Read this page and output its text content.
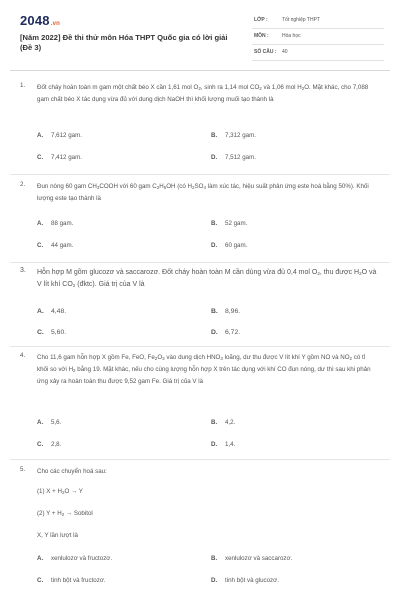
2048.vn
[Năm 2022] Đề thi thử môn Hóa THPT Quốc gia có lời giải
(Đề 3)
LỚP :	Tốt nghiệp THPT
MÔN :	Hóa học
SỐ CÂU : 40
1. Đốt cháy hoàn toàn m gam một chất béo X cần 1,61 mol $O_2$, sinh ra 1,14 mol $CO_2$ và 1,06 mol $H_2O$. Mặt khác, cho 7,088 gam chất béo X tác dụng vừa đủ với dung dịch NaOH thì khối lượng muối tạo thành là
A. 7,612 gam.	B. 7,312 gam.
C. 7,412 gam.	D. 7,512 gam.
2. Đun nóng 60 gam $CH_3COOH$ với 60 gam $C_2H_5OH$ (có $H_2SO_4$ làm xúc tác, hiệu suất phản ứng este hoá bằng 50%). Khối lượng este tạo thành là
A. 88 gam.	B. 52 gam.
C. 44 gam.	D. 60 gam.
3. Hỗn hợp M gồm glucozơ và saccarozơ. Đốt cháy hoàn toàn M cần dùng vừa đủ 0,4 mol $O_2$, thu được $H_2O$ và V lít khí $CO_2$ (đktc). Giá trị của V là
A. 4,48.	B. 8,96.
C. 5,60.	D. 6,72.
4. Cho 11,6 gam hỗn hợp X gồm Fe, FeO, $Fe_2O_3$ vào dung dịch $HNO_3$ loãng, dư thu được V lít khí Y gồm NO và $NO_2$ có tỉ khối so với $H_2$ bằng 19. Mặt khác, nếu cho cùng lượng hỗn hợp X trên tác dụng với khí CO đun nóng, dư thì sau khi phản ứng xảy ra hoàn toàn thu được 9,52 gam Fe. Giá trị của V là
A. 5,6.	B. 4,2.
C. 2,8.	D. 1,4.
5. Cho các chuyển hoá sau:
(1) $X + H_2O \to Y$
(2) $Y + H_2$ → Sobitol
X, Y lần lượt là
A. xenlulozơ và fructozơ.	B. xenlulozơ và saccarozơ.
C. tinh bột và fructozơ.	D. tinh bột và glucozơ.
